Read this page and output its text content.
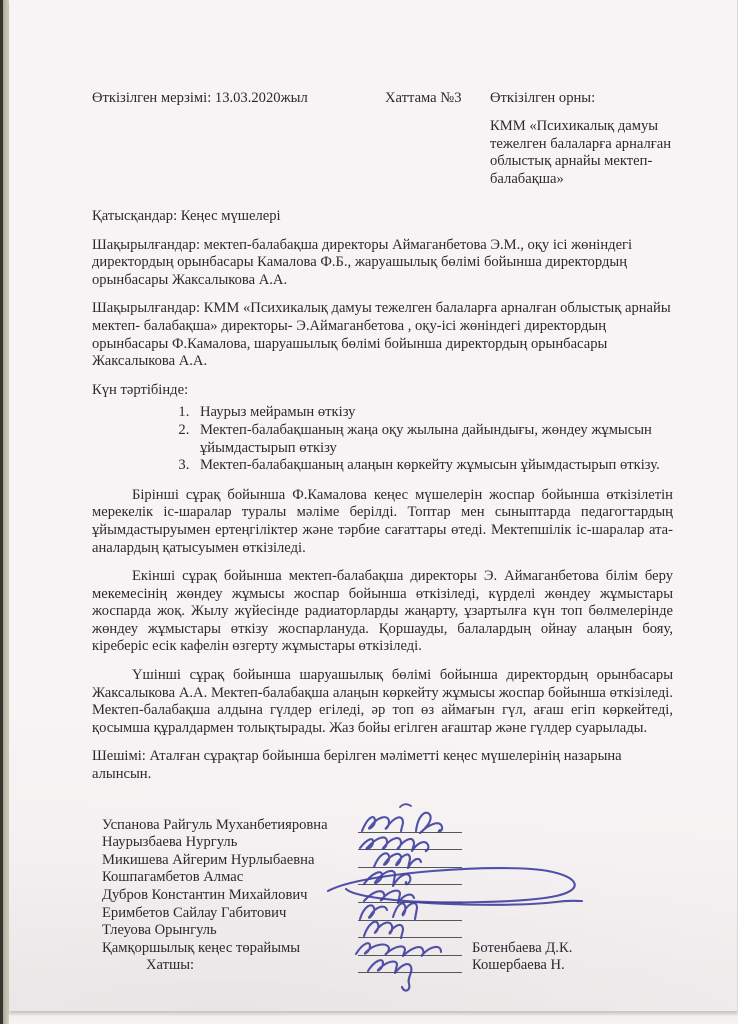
Өткізілген мерзімі: 13.03.2020жыл	Хаттама №3 Өткізілген орны:
КММ «Психикалық дамуы тежелген балаларға арналған облыстық арнайы мектеп-балабақша»

Қатысқандар: Кеңес мүшелері

Шақырылғандар: мектеп-балабақша директоры Аймаганбетова Э.М., оқу ісі жөніндегі директордың орынбасары Камалова Ф.Б., жаруашылық бөлімі бойынша директордың орынбасары Жаксалыкова А.А.

Шақырылғандар: КММ «Психикалық дамуы тежелген балаларға арналған облыстық арнайы мектеп- балабақша» директоры- Э.Аймаганбетова , оқу-ісі жөніндегі директордың орынбасары Ф.Камалова, шаруашылық бөлімі бойынша директордың орынбасары Жаксалыкова А.А.

Күн тәртібінде:

1. Наурыз мейрамын өткізу
2. Мектеп-балабақшаның жаңа оқу жылына дайындығы, жөндеу жұмысын ұйымдастырып өткізу
3. Мектеп-балабақшаның алаңын көркейту жұмысын ұйымдастырып өткізу.

Бірінші сұрақ бойынша Ф.Камалова кеңес мүшелерін жоспар бойынша өткізілетін мерекелік іс-шаралар туралы мәліме берілді. Топтар мен сыныптарда педагогтардың ұйымдастыруымен ертеңгіліктер және тәрбие сағаттары өтеді. Мектепшілік іс-шаралар ата-аналардың қатысуымен өткізіледі.

Екінші сұрақ бойынша мектеп-балабақша директоры Э. Аймаганбетова білім беру мекемесінің жөндеу жұмысы жоспар бойынша өткізіледі, күрделі жөндеу жұмыстары жоспарда жоқ. Жылу жүйесінде радиаторларды жаңарту, ұзартылға күн топ бөлмелерінде жөндеу жұмыстары өткізу жоспарлануда. Қоршауды, балалардың ойнау алаңын бояу, кіреберіс есік кафелін өзгерту жұмыстары өткізіледі.

Үшінші сұрақ бойынша шаруашылық бөлімі бойынша директордың орынбасары Жаксалыкова А.А. Мектеп-балабақша алаңын көркейту жұмысы жоспар бойынша өткізіледі. Мектеп-балабақша алдына гүлдер егіледі, әр топ өз аймағын гүл, ағаш егіп көркейтеді, қосымша құралдармен толықтырады. Жаз бойы егілген ағаштар және гүлдер суарылады.

Шешімі: Аталған сұрақтар бойынша берілген мәліметті кеңес мүшелерінің назарына алынсын.

Успанова Райгуль Муханбетияровна
Наурызбаева Нургуль
Микишева Айгерим Нурлыбаевна
Кошпагамбетов Алмас
Дубров Константин Михайлович
Еримбетов Сайлау Габитович
Тлеуова Орынгуль
Қамқоршылық кеңес төрайымы	Ботенбаева Д.К.
Хатшы:	Кошербаева Н.
